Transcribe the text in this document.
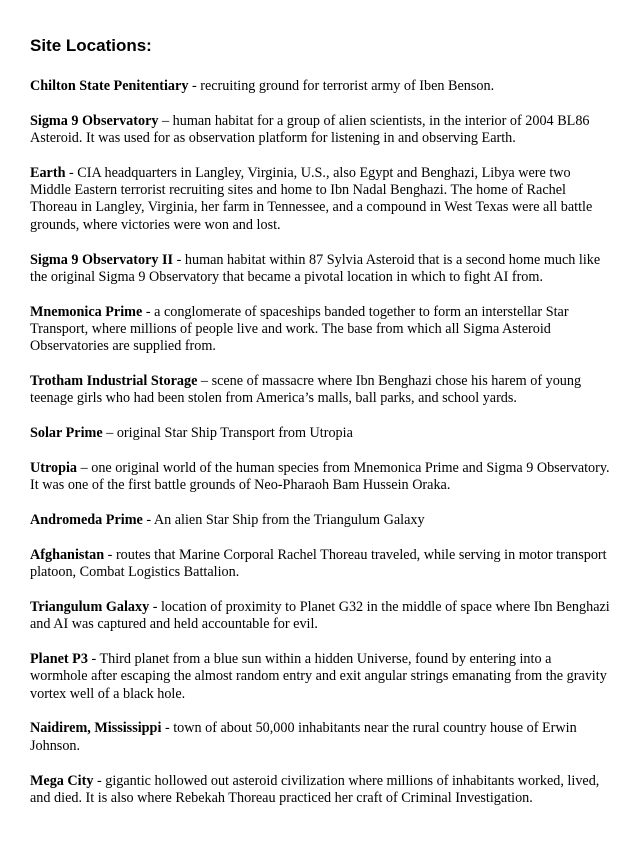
Site Locations:

Chilton State Penitentiary - recruiting ground for terrorist army of Iben Benson.

Sigma 9 Observatory – human habitat for a group of alien scientists, in the interior of 2004 BL86 Asteroid. It was used for as observation platform for listening in and observing Earth.

Earth - CIA headquarters in Langley, Virginia, U.S., also Egypt and Benghazi, Libya were two Middle Eastern terrorist recruiting sites and home to Ibn Nadal Benghazi. The home of Rachel Thoreau in Langley, Virginia, her farm in Tennessee, and a compound in West Texas were all battle grounds, where victories were won and lost.

Sigma 9 Observatory II - human habitat within 87 Sylvia Asteroid that is a second home much like the original Sigma 9 Observatory that became a pivotal location in which to fight AI from.

Mnemonica Prime - a conglomerate of spaceships banded together to form an interstellar Star Transport, where millions of people live and work. The base from which all Sigma Asteroid Observatories are supplied from.

Trotham Industrial Storage – scene of massacre where Ibn Benghazi chose his harem of young teenage girls who had been stolen from America’s malls, ball parks, and school yards.

Solar Prime – original Star Ship Transport from Utropia

Utropia – one original world of the human species from Mnemonica Prime and Sigma 9 Observatory. It was one of the first battle grounds of Neo-Pharaoh Bam Hussein Oraka.

Andromeda Prime - An alien Star Ship from the Triangulum Galaxy

Afghanistan - routes that Marine Corporal Rachel Thoreau traveled, while serving in motor transport platoon, Combat Logistics Battalion.

Triangulum Galaxy - location of proximity to Planet G32 in the middle of space where Ibn Benghazi and AI was captured and held accountable for evil.

Planet P3 - Third planet from a blue sun within a hidden Universe, found by entering into a wormhole after escaping the almost random entry and exit angular strings emanating from the gravity vortex well of a black hole.

Naidirem, Mississippi - town of about 50,000 inhabitants near the rural country house of Erwin Johnson.

Mega City - gigantic hollowed out asteroid civilization where millions of inhabitants worked, lived, and died. It is also where Rebekah Thoreau practiced her craft of Criminal Investigation.
